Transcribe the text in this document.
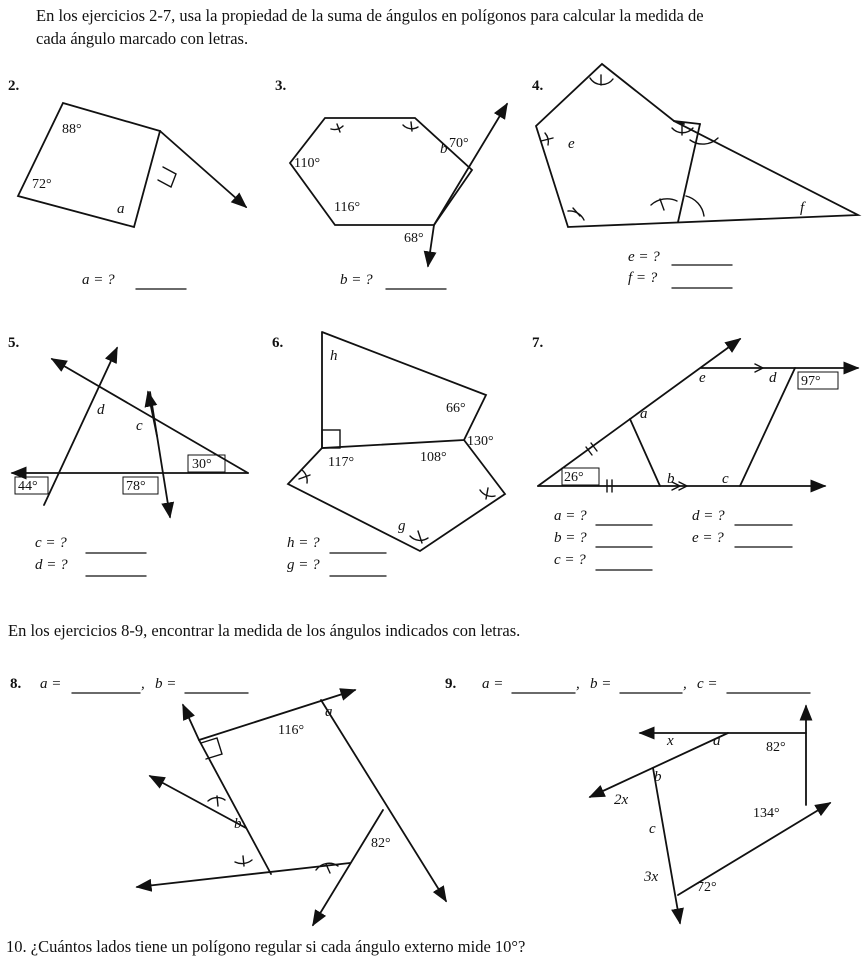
En los ejercicios 2-7, usa la propiedad de la suma de ángulos en polígonos para calcular la medida de
cada ángulo marcado con letras.
En los ejercicios 8-9, encontrar la medida de los ángulos indicados con letras.
10. ¿Cuántos lados tiene un polígono regular si cada ángulo externo mide 10°?
2.	3.	4.
5.	6.	7.
a = ?	b = ?
e = ?
f = ?
c = ?
d = ?
h = ?
g = ?
a = ?
b = ?
c = ?
d = ?
e = ?
8. a =	, b =	9. a =	, b =	, c =
a
b	e
f
d
c
h
g
a
b	c
e	d
a
b
x	a
b
2x
c
3x
88°
72°
70°
110°
116°
68°
44°	78°
30°
66°
117°	108°
130°
26°
97°
116°
82°
82°
134°
72°
